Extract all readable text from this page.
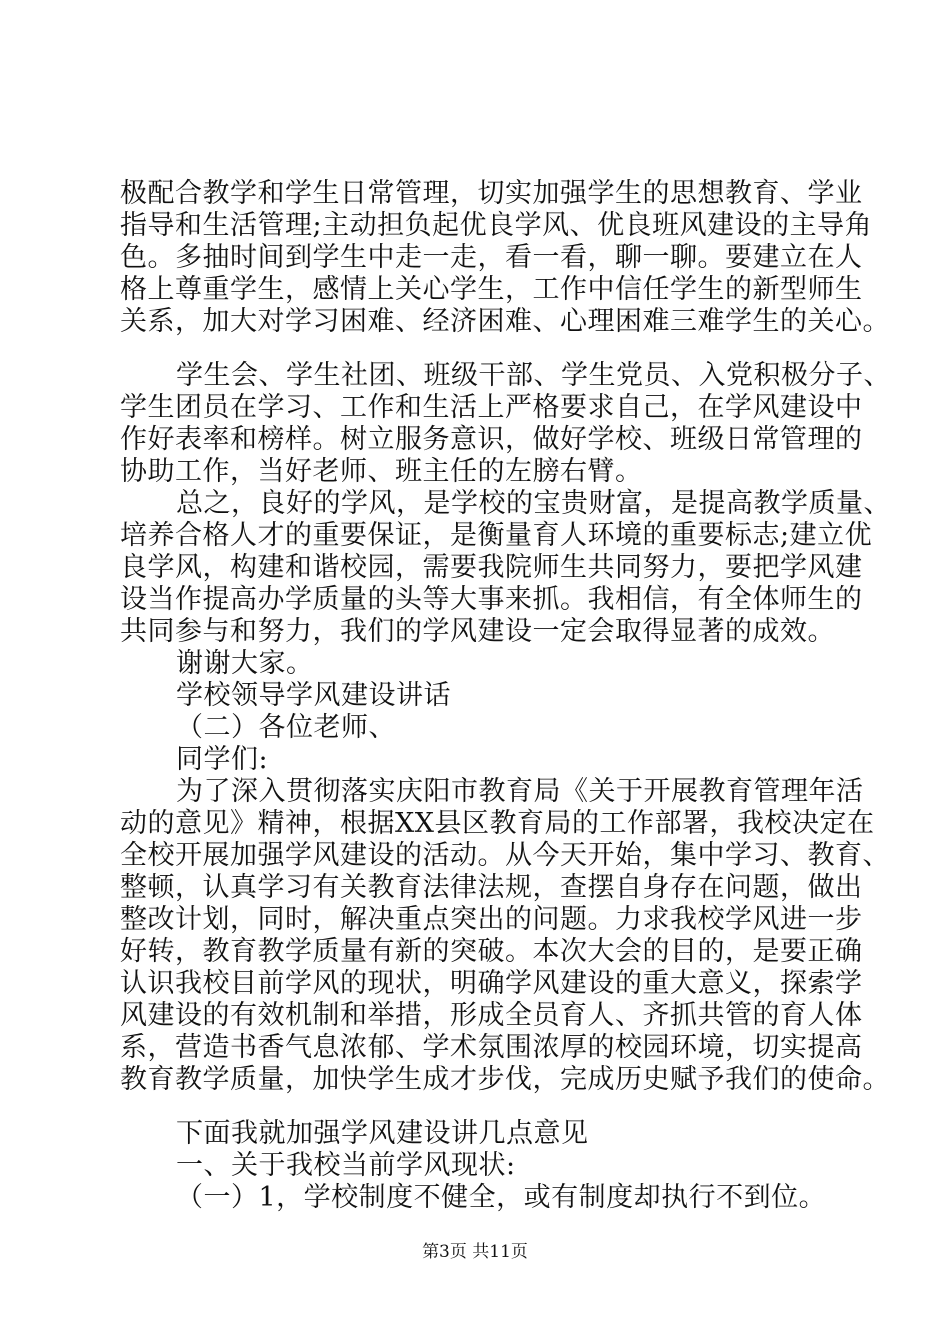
极配合教学和学生日常管理，切实加强学生的思想教育、学业
指导和生活管理;主动担负起优良学风、优良班风建设的主导角
色。多抽时间到学生中走一走，看一看，聊一聊。要建立在人
格上尊重学生，感情上关心学生，工作中信任学生的新型师生
关系，加大对学习困难、经济困难、心理困难三难学生的关心。
学生会、学生社团、班级干部、学生党员、入党积极分子、
学生团员在学习、工作和生活上严格要求自己，在学风建设中
作好表率和榜样。树立服务意识，做好学校、班级日常管理的
协助工作，当好老师、班主任的左膀右臂。
总之，良好的学风，是学校的宝贵财富，是提高教学质量、
培养合格人才的重要保证，是衡量育人环境的重要标志;建立优
良学风，构建和谐校园，需要我院师生共同努力，要把学风建
设当作提高办学质量的头等大事来抓。我相信，有全体师生的
共同参与和努力，我们的学风建设一定会取得显著的成效。
谢谢大家。
学校领导学风建设讲话
（二）各位老师、
同学们:
为了深入贯彻落实庆阳市教育局《关于开展教育管理年活
动的意见》精神，根据XX县区教育局的工作部署，我校决定在
全校开展加强学风建设的活动。从今天开始，集中学习、教育、
整顿，认真学习有关教育法律法规，查摆自身存在问题，做出
整改计划，同时，解决重点突出的问题。力求我校学风进一步
好转，教育教学质量有新的突破。本次大会的目的，是要正确
认识我校目前学风的现状，明确学风建设的重大意义，探索学
风建设的有效机制和举措，形成全员育人、齐抓共管的育人体
系，营造书香气息浓郁、学术氛围浓厚的校园环境，切实提高
教育教学质量，加快学生成才步伐，完成历史赋予我们的使命。
下面我就加强学风建设讲几点意见
一、关于我校当前学风现状:
（一）1，学校制度不健全，或有制度却执行不到位。
第3页 共11页
